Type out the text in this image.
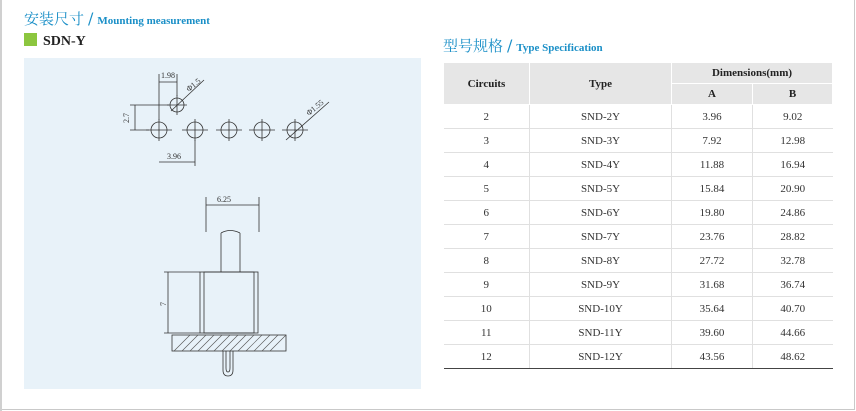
安装尺寸 / Mounting measurement
SDN-Y
1.98
Φ1.5
2.7
Φ1.55
3.96
6.25
7
型号规格 / Type Specification
Circuits	Type	Dimensions(mm)	
		A	B
2	SND-2Y	3.96	9.02
3	SND-3Y	7.92	12.98
4	SND-4Y	11.88	16.94
5	SND-5Y	15.84	20.90
6	SND-6Y	19.80	24.86
7	SND-7Y	23.76	28.82
8	SND-8Y	27.72	32.78
9	SND-9Y	31.68	36.74
10	SND-10Y	35.64	40.70
11	SND-11Y	39.60	44.66
12	SND-12Y	43.56	48.62
